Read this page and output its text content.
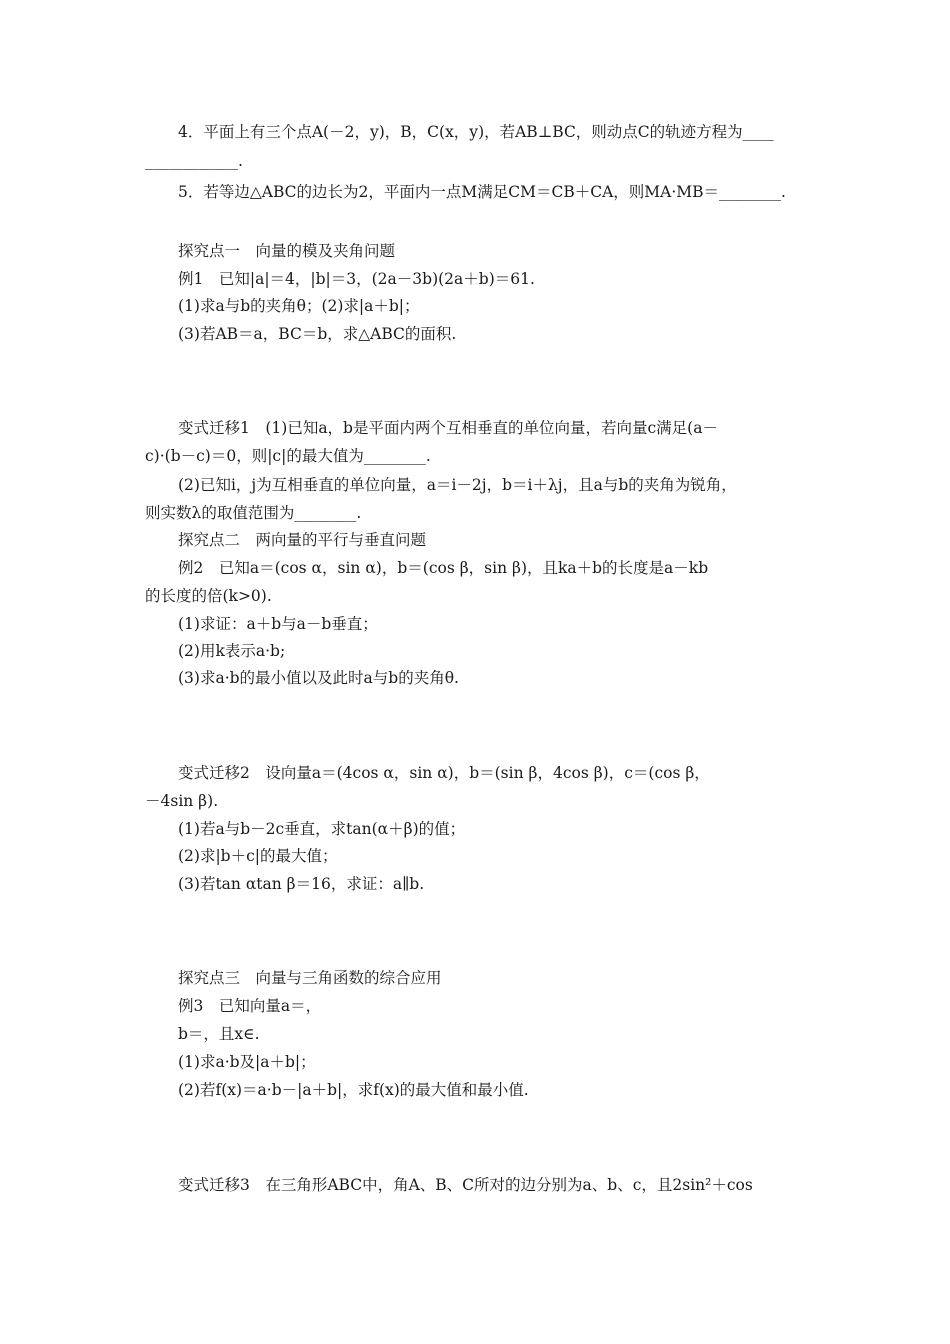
4．平面上有三个点A(－2，y)，B，C(x，y)，若AB⊥BC，则动点C的轨迹方程为____
____________.
5．若等边△ABC的边长为2，平面内一点M满足CM＝CB＋CA，则MA·MB＝________.
探究点一　向量的模及夹角问题
例1　已知|a|＝4，|b|＝3，(2a－3b)(2a＋b)＝61.
(1)求a与b的夹角θ；(2)求|a＋b|；
(3)若AB＝a，BC＝b，求△ABC的面积.
变式迁移1　(1)已知a，b是平面内两个互相垂直的单位向量，若向量c满足(a－
c)·(b－c)＝0，则|c|的最大值为________.
(2)已知i，j为互相垂直的单位向量，a＝i－2j，b＝i＋λj，且a与b的夹角为锐角，
则实数λ的取值范围为________.
探究点二　两向量的平行与垂直问题
例2　已知a＝(cos α，sin α)，b＝(cos β，sin β)，且ka＋b的长度是a－kb
的长度的倍(k>0).
(1)求证：a＋b与a－b垂直；
(2)用k表示a·b;
(3)求a·b的最小值以及此时a与b的夹角θ.
变式迁移2　设向量a＝(4cos α，sin α)，b＝(sin β，4cos β)，c＝(cos β，
－4sin β).
(1)若a与b－2c垂直，求tan(α＋β)的值；
(2)求|b＋c|的最大值；
(3)若tan αtan β＝16，求证：a∥b.
探究点三　向量与三角函数的综合应用
例3　已知向量a＝，
b＝，且x∈.
(1)求a·b及|a＋b|；
(2)若f(x)＝a·b－|a＋b|，求f(x)的最大值和最小值.
变式迁移3　在三角形ABC中，角A、B、C所对的边分别为a、b、c，且2sin²＋cos
